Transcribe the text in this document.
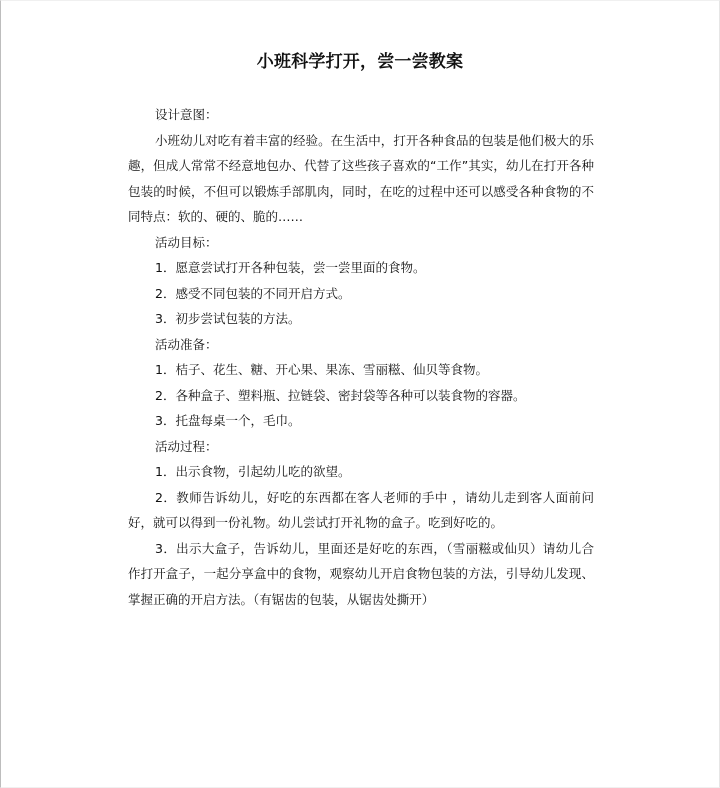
小班科学打开，尝一尝教案

设计意图：

小班幼儿对吃有着丰富的经验。在生活中，打开各种食品的包装是他们极大的乐趣，但成人常常不经意地包办、代替了这些孩子喜欢的“工作”其实，幼儿在打开各种包装的时候，不但可以锻炼手部肌肉，同时，在吃的过程中还可以感受各种食物的不同特点：软的、硬的、脆的……

活动目标：

1．愿意尝试打开各种包装，尝一尝里面的食物。

2．感受不同包装的不同开启方式。

3．初步尝试包装的方法。

活动准备：

1．桔子、花生、糖、开心果、果冻、雪丽糍、仙贝等食物。

2．各种盒子、塑料瓶、拉链袋、密封袋等各种可以装食物的容器。

3．托盘每桌一个，毛巾。

活动过程：

1．出示食物，引起幼儿吃的欲望。

2．教师告诉幼儿，好吃的东西都在客人老师的手中 ，请幼儿走到客人面前问好，就可以得到一份礼物。幼儿尝试打开礼物的盒子。吃到好吃的。

3．出示大盒子，告诉幼儿，里面还是好吃的东西，（雪丽糍或仙贝）请幼儿合作打开盒子，一起分享盒中的食物，观察幼儿开启食物包装的方法，引导幼儿发现、掌握正确的开启方法。（有锯齿的包装，从锯齿处撕开）
